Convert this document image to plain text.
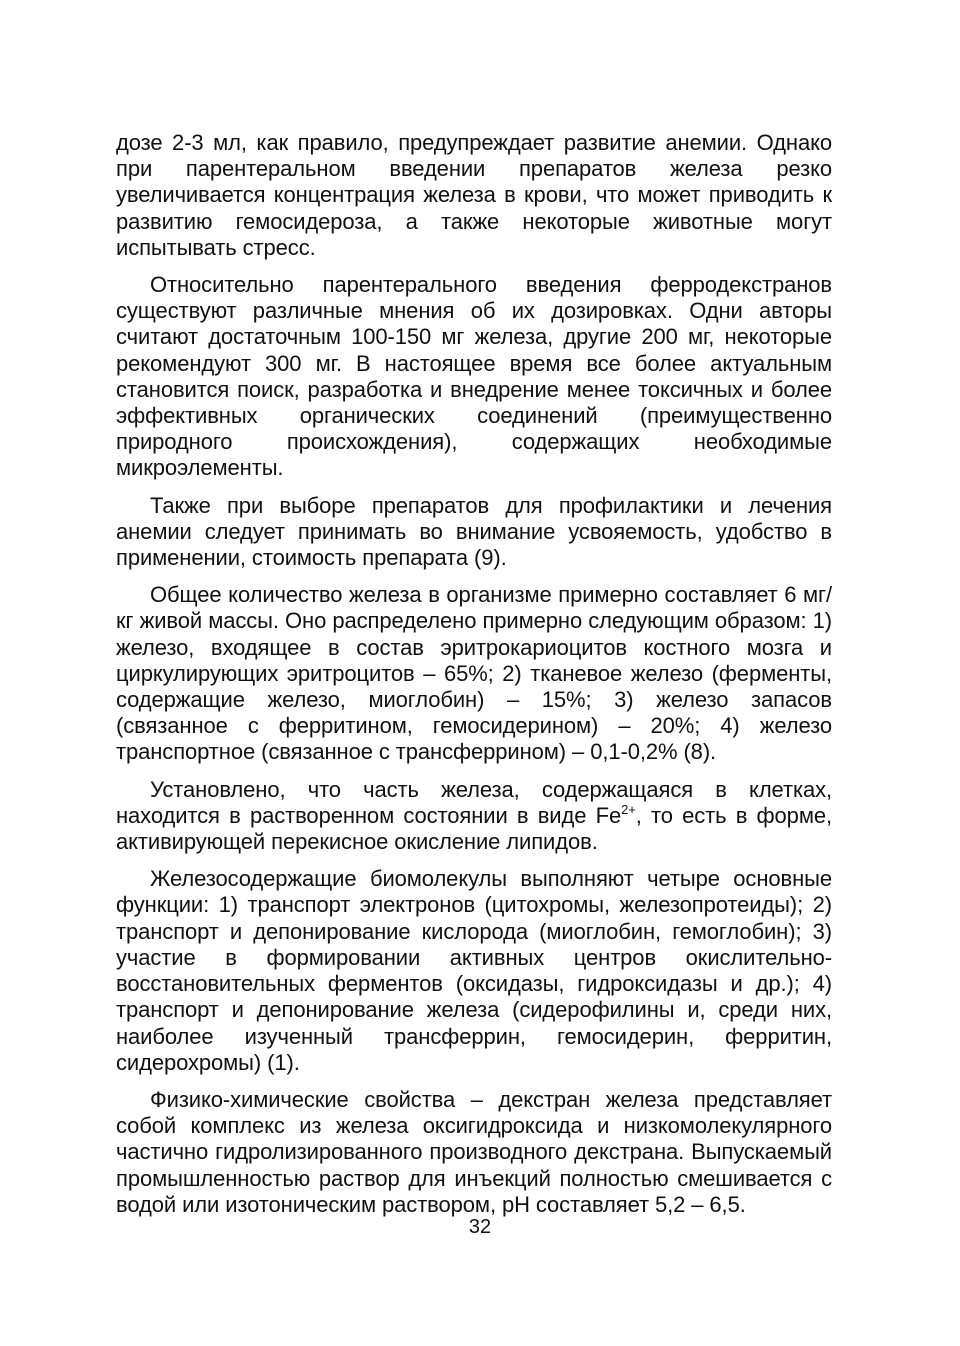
дозе 2-3 мл, как правило, предупреждает развитие анемии. Однако при парентеральном введении препаратов железа резко увеличивается концентрация железа в крови, что может приводить к развитию гемосидероза, а также некоторые животные могут испытывать стресс.

Относительно парентерального введения ферродекстранов существуют различные мнения об их дозировках. Одни авторы считают достаточным 100-150 мг железа, другие 200 мг, некоторые рекомендуют 300 мг. В настоящее время все более актуальным становится поиск, разработка и внедрение менее токсичных и более эффективных органических соединений (преимущественно природного происхождения), содержащих необходимые микроэлементы.

Также при выборе препаратов для профилактики и лечения анемии следует принимать во внимание усвояемость, удобство в применении, стоимость препарата (9).

Общее количество железа в организме примерно составляет 6 мг/кг живой массы. Оно распределено примерно следующим образом: 1) железо, входящее в состав эритрокариоцитов костного мозга и циркулирующих эритроцитов – 65%; 2) тканевое железо (ферменты, содержащие железо, миоглобин) – 15%; 3) железо запасов (связанное с ферритином, гемосидерином) – 20%; 4) железо транспортное (связанное с трансферрином) – 0,1-0,2% (8).

Установлено, что часть железа, содержащаяся в клетках, находится в растворенном состоянии в виде $Fe^{2+}$, то есть в форме, активирующей перекисное окисление липидов.

Железосодержащие биомолекулы выполняют четыре основные функции: 1) транспорт электронов (цитохромы, железопротеиды); 2) транспорт и депонирование кислорода (миоглобин, гемоглобин); 3) участие в формировании активных центров окислительно-восстановительных ферментов (оксидазы, гидроксидазы и др.); 4) транспорт и депонирование железа (сидерофилины и, среди них, наиболее изученный трансферрин, гемосидерин, ферритин, сидерохромы) (1).

Физико-химические свойства – декстран железа представляет собой комплекс из железа оксигидроксида и низкомолекулярного частично гидролизированного производного декстрана. Выпускаемый промышленностью раствор для инъекций полностью смешивается с водой или изотоническим раствором, pH составляет 5,2 – 6,5.

32
